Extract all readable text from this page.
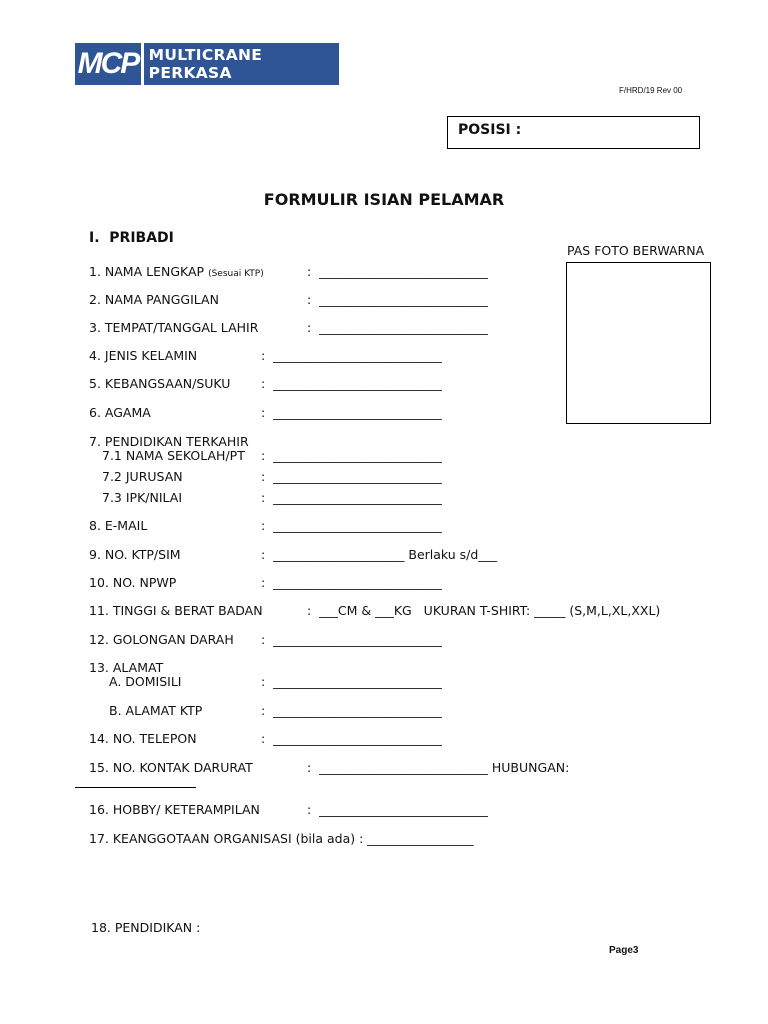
MCP MULTICRANE PERKASA
F/HRD/19 Rev 00
POSISI :
FORMULIR ISIAN PELAMAR
I.  PRIBADI
PAS FOTO BERWARNA
1. NAMA LENGKAP (Sesuai KTP)	:  ___________________________
2. NAMA PANGGILAN	:  ___________________________
3. TEMPAT/TANGGAL LAHIR	:  ___________________________
4. JENIS KELAMIN	:  ___________________________
5. KEBANGSAAN/SUKU :  ___________________________
6. AGAMA	:  ___________________________
7. PENDIDIKAN TERKAHIR
7.1 NAMA SEKOLAH/PT :  ___________________________
7.2 JURUSAN	:  ___________________________
7.3 IPK/NILAI	:  ___________________________
8. E-MAIL	:  ___________________________
9. NO. KTP/SIM	:  _____________________ Berlaku s/d___
10. NO. NPWP	:  ___________________________
11. TINGGI & BERAT BADAN	:  ___CM & ___KG   UKURAN T-SHIRT: _____ (S,M,L,XL,XXL)
12. GOLONGAN DARAH :  ___________________________
13. ALAMAT
A. DOMISILI	:  ___________________________
B. ALAMAT KTP	:  ___________________________
14. NO. TELEPON	:  ___________________________
15. NO. KONTAK DARURAT	:  ___________________________ HUBUNGAN:
16. HOBBY/ KETERAMPILAN	:  ___________________________
17. KEANGGOTAAN ORGANISASI (bila ada) : _________________
18. PENDIDIKAN :
Page3
